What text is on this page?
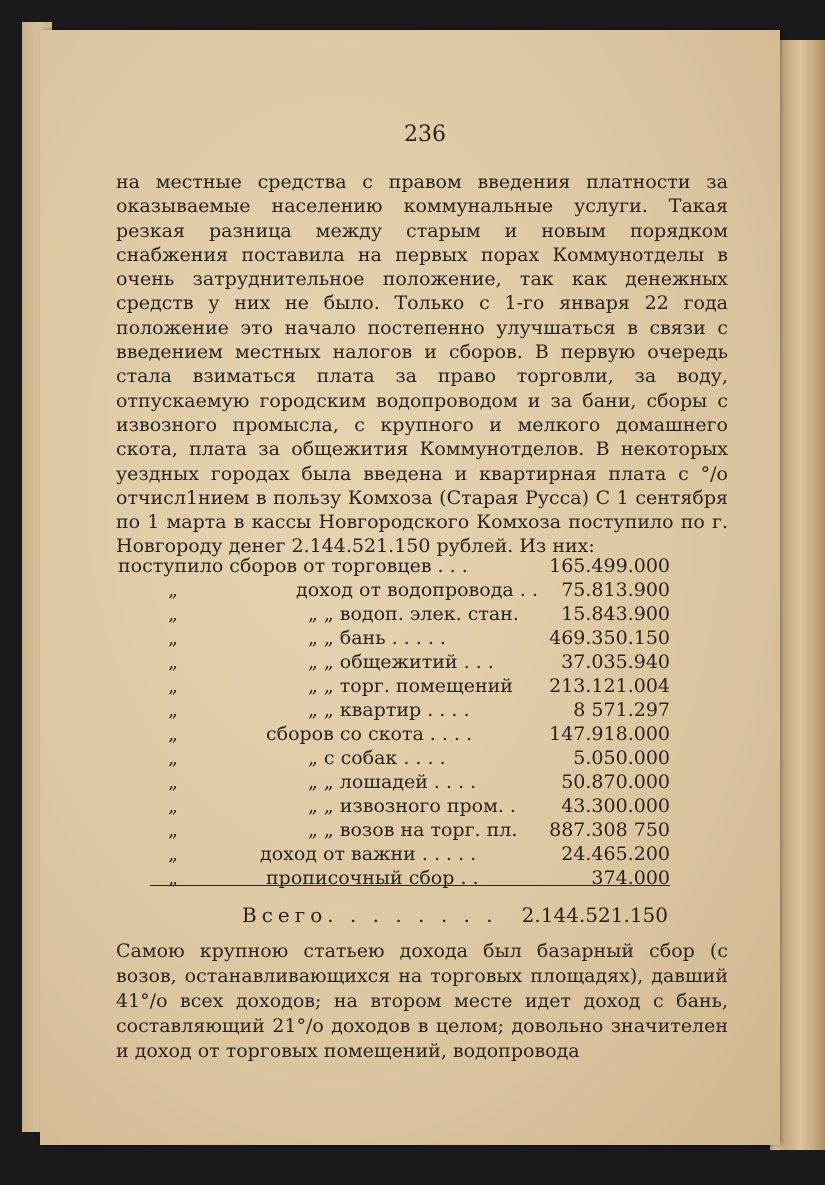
236
на местные средства с правом введения платности за оказываемые населению коммунальные услуги. Такая резкая разница между старым и новым порядком снабжения поставила на первых порах Коммунотделы в очень затруднительное положение, так как денежных средств у них не было. Только с 1-го января 22 года положение это начало постепенно улучшаться в связи с введением местных налогов и сборов. В первую очередь стала взиматься плата за право торговли, за воду, отпускаемую городским водопроводом и за бани, сборы с извозного промысла, с крупного и мелкого домашнего скота, плата за общежития Коммунотделов. В некоторых уездных городах была введена и квартирная плата с °/о отчисл1нием в пользу Комхоза (Старая Русса) С 1 сентября по 1 марта в кассы Новгородского Комхоза поступило по г. Новгороду денег 2.144.521.150 рублей. Из них:
поступило сборов от торговцев . . .	165.499.000
„	доход от водопровода . . 75.813.900
„	„ „ водоп. элек. стан. 15.843.900
„	„ „ бань . . . . .	469.350.150
„	„ „ общежитий . . .	37.035.940
„	„ „ торг. помещений 213.121.004
„	„ „ квартир . . . .	8 571.297
„	сборов со скота . . . .	147.918.000
„	„ с собак . . . .	5.050.000
„	„ „ лошадей . . . .	50.870.000
„	„ „ извозного пром. . 43.300.000
„	„ „ возов на торг. пл. 887.308 750
„	доход от важни . . . . .	24.465.200
„	прописочный сбор . .	374.000
Всего. . . . . . . . 2.144.521.150
Самою крупною статьею дохода был базарный сбор (с возов, останавливающихся на торговых площадях), давший 41°/о всех доходов; на втором месте идет доход с бань, составляющий 21°/о доходов в целом; довольно значителен и доход от торговых помещений, водопровода
